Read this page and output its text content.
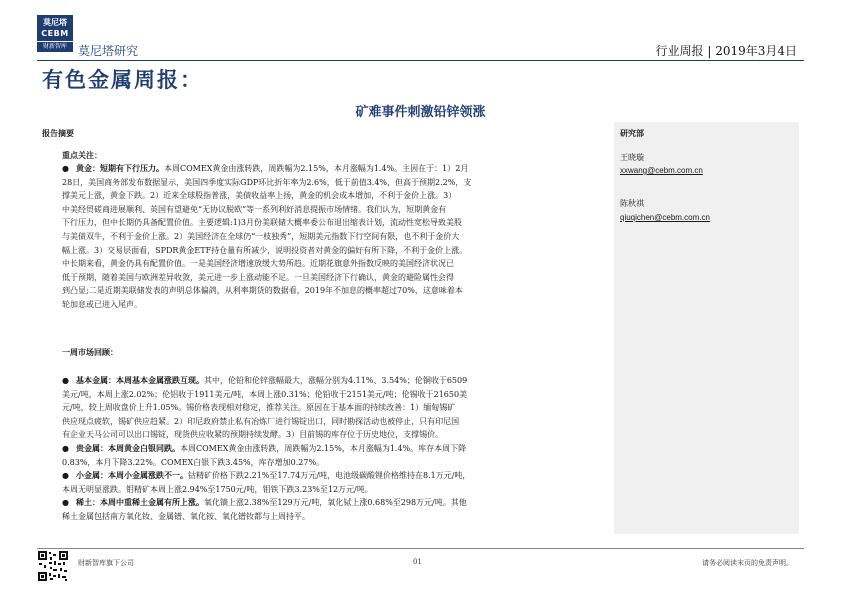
莫尼塔
CEBM
财新智库 莫尼塔研究	行业周报 | 2019年3月4日
有色金属周报：
矿难事件刺激铅锌领涨
研究部
王晓璇
xxwang@cebm.com.cn
陈秋祺
qiuqichen@cebm.com.cn
报告摘要
重点关注：
● 黄金：短期有下行压力。本周COMEX黄金由涨转跌，周跌幅为2.15%，本月涨幅为1.4%。主因在于：1）2月
28日，美国商务部发布数据显示，美国四季度实际GDP环比折年率为2.6%，低于前值3.4%，但高于预期2.2%，支
撑美元上涨，黄金下跌。2）近来全球股指普涨，美债收益率上扬，黄金的机会成本增加，不利于金价上涨。3）
中美经贸磋商进展顺利、英国有望避免“无协议脱欧”等一系列利好消息提振市场情绪。我们认为，短期黄金有
下行压力，但中长期仍具备配置价值。主要逻辑:1)3月份美联储大概率委公布退出缩表计划，流动性宽松导致美股
与美债双牛，不利于金价上涨。2）美国经济在全球仍“一枝独秀”，短期美元指数下行空间有限，也不利于金价大
幅上涨。3）交易层面看，SPDR黄金ETF持仓量有所减少，说明投资者对黄金的偏好有所下降，不利于金价上涨。
中长期来看，黄金仍具有配置价值。一是美国经济增速放缓大势所趋。近期花旗意外指数反映的美国经济状况已
低于预期，随着美国与欧洲差异收敛，美元进一步上涨动能不足。一旦美国经济下行确认，黄金的避险属性会得
到凸显;二是近期美联储发表的声明总体偏鸽，从利率期货的数据看，2019年不加息的概率超过70%，这意味着本
轮加息或已进入尾声。
一周市场回顾：
● 基本金属：本周基本金属涨跌互现。其中，伦铅和伦锌涨幅最大，涨幅分别为4.11%、3.54%；伦铜收于6509
美元/吨，本周上涨2.02%；伦铝收于1911美元/吨，本周上涨0.31%；伦铅收于2151美元/吨；伦锡收于21650美
元/吨，较上周收盘价上升1.05%。锡价格表现相对稳定，推荐关注。原因在于基本面的持续改善：1）缅甸锡矿
供应现点疲软，锡矿供应趋紧。2）印尼政府禁止私有冶炼厂进行锡锭出口，同时勘探活动也被停止，只有印尼国
有企业天马公司可以出口锡锭，现货供应收紧的预期持续发酵。3）目前锡的库存位于历史地位，支撑锡价。
● 贵金属：本周黄金白银同跌。本周COMEX黄金由涨转跌，周跌幅为2.15%，本月涨幅为1.4%。库存本周下降
0.83%，本月下降3.22%。COMEX白银下跌3.45%，库存增加0.27%。
● 小金属：本周小金属涨跌不一。钴精矿价格下跌2.21%至17.74万元/吨，电池级碳酸锂价格维持在8.1万元/吨，
本周无明显涨跌。钼精矿本周上涨2.94%至1750元/吨，钼铁下跌3.23%至12万元/吨。
● 稀土：本周中重稀土金属有所上涨。氧化镝上涨2.38%至129万元/吨，氧化铽上涨0.68%至298万元/吨。其他
稀土金属包括南方氧化钕、金属镨、氧化铵、氧化镨钕都与上周持平。
财新智库旗下公司	01	请务必阅读末页的免责声明。
